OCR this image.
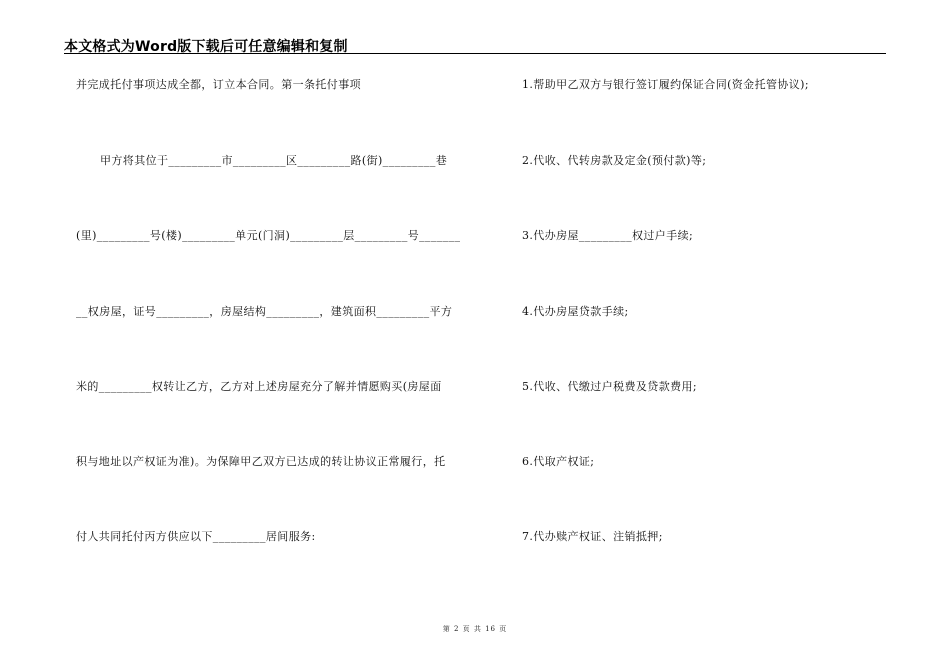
本文格式为Word版下载后可任意编辑和复制
并完成托付事项达成全都，订立本合同。第一条托付事项
甲方将其位于_________市_________区_________路(街)_________巷
(里)_________号(楼)_________单元(门洞)_________层_________号_______
__权房屋，证号_________，房屋结构_________，建筑面积_________平方
米的_________权转让乙方，乙方对上述房屋充分了解并情愿购买(房屋面
积与地址以产权证为准)。为保障甲乙双方已达成的转让协议正常履行，托
付人共同托付丙方供应以下_________居间服务:
1.帮助甲乙双方与银行签订履约保证合同(资金托管协议);
2.代收、代转房款及定金(预付款)等;
3.代办房屋_________权过户手续;
4.代办房屋贷款手续;
5.代收、代缴过户税费及贷款费用;
6.代取产权证;
7.代办赎产权证、注销抵押;
第 2 页 共 16 页
